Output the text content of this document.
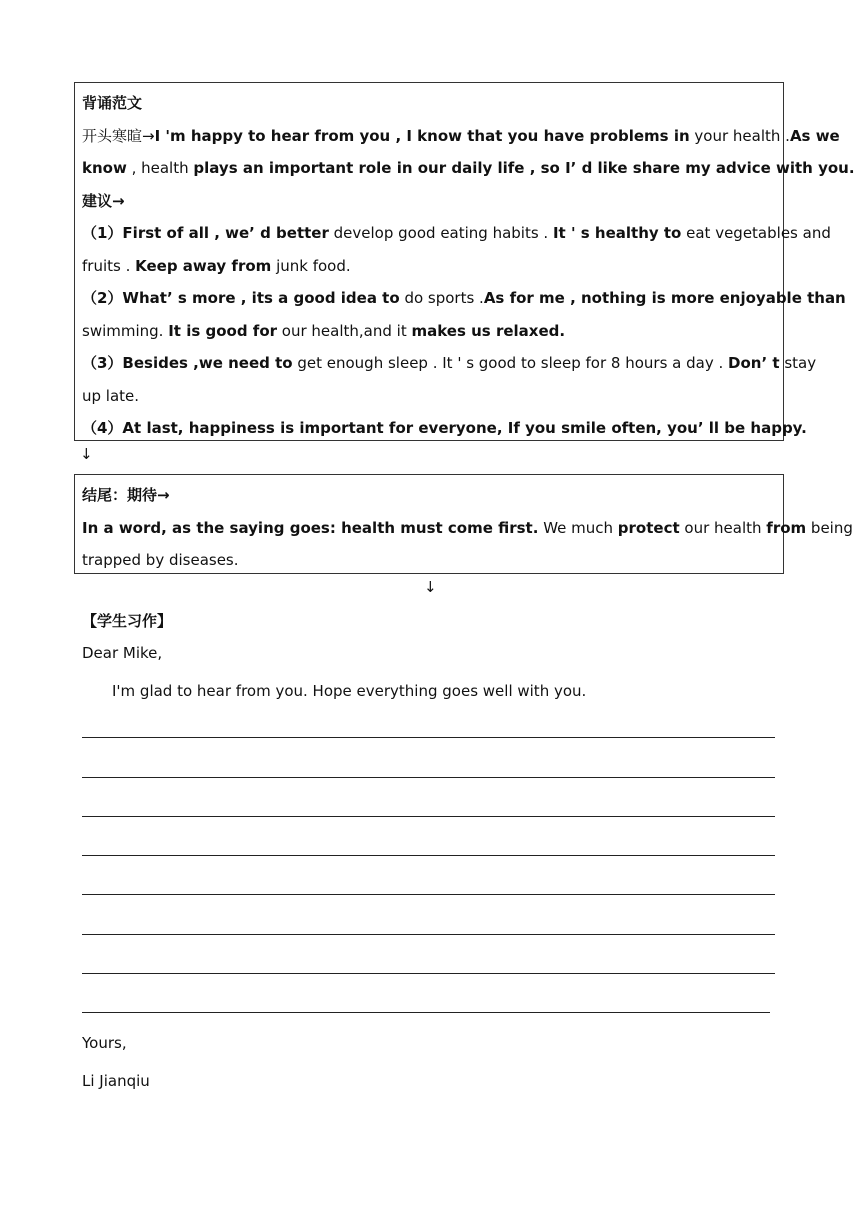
背诵范文
开头寒暄→I 'm happy to hear from you , I know that you have problems in your health .As we
know , health plays an important role in our daily life , so I’ d like share my advice with you.
建议→
（1）First of all , we’ d better develop good eating habits . It ' s healthy to eat vegetables and
fruits . Keep away from junk food.
（2）What’ s more , its a good idea to do sports .As for me , nothing is more enjoyable than
swimming. It is good for our health,and it makes us relaxed.
（3）Besides ,we need to get enough sleep . It ' s good to sleep for 8 hours a day . Don’ t stay
up late.
（4）At last, happiness is important for everyone, If you smile often, you’ ll be happy.
↓
结尾：期待→
In a word, as the saying goes: health must come first. We much protect our health from being
trapped by diseases.
↓
【学生习作】
Dear Mike,
I'm glad to hear from you. Hope everything goes well with you.
Yours,
Li Jianqiu
